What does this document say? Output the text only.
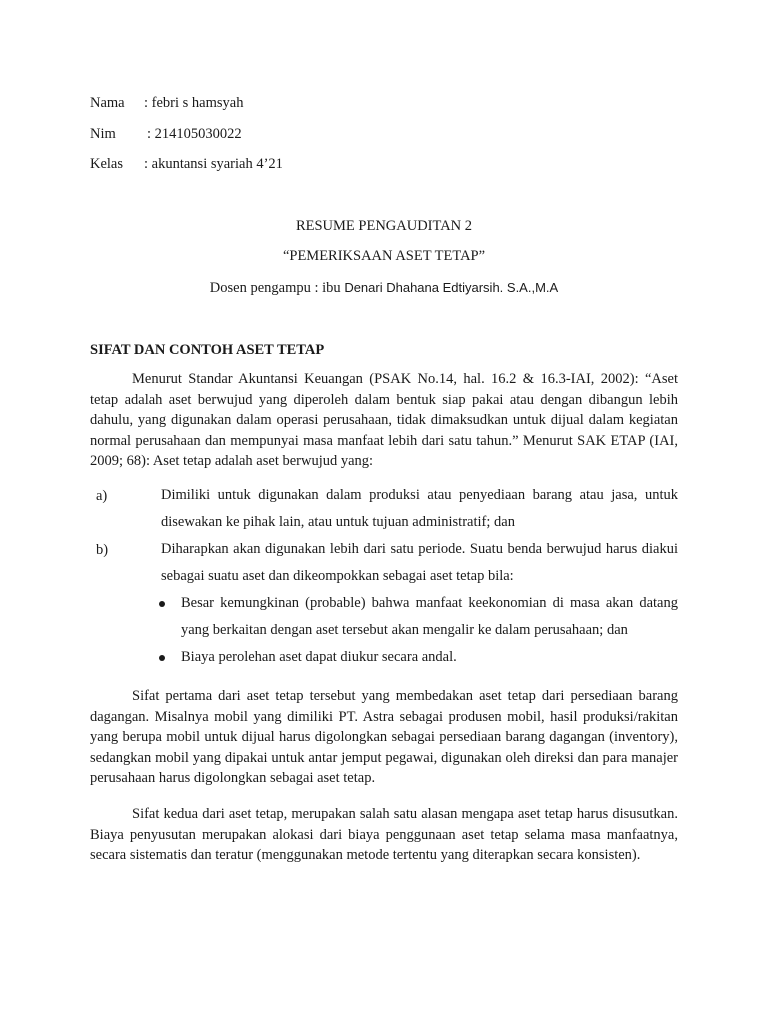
Nama : febri s hamsyah
Nim : 214105030022
Kelas : akuntansi syariah 4’21
RESUME PENGAUDITAN 2
“PEMERIKSAAN ASET TETAP”
Dosen pengampu : ibu Denari Dhahana Edtiyarsih. S.A.,M.A
SIFAT DAN CONTOH ASET TETAP

Menurut Standar Akuntansi Keuangan (PSAK No.14, hal. 16.2 & 16.3-IAI, 2002): “Aset tetap adalah aset berwujud yang diperoleh dalam bentuk siap pakai atau dengan dibangun lebih dahulu, yang digunakan dalam operasi perusahaan, tidak dimaksudkan untuk dijual dalam kegiatan normal perusahaan dan mempunyai masa manfaat lebih dari satu tahun.” Menurut SAK ETAP (IAI, 2009; 68): Aset tetap adalah aset berwujud yang:

a)	Dimiliki untuk digunakan dalam produksi atau penyediaan barang atau jasa, untuk disewakan ke pihak lain, atau untuk tujuan administratif; dan

b)	Diharapkan akan digunakan lebih dari satu periode. Suatu benda berwujud harus diakui sebagai suatu aset dan dikeompokkan sebagai aset tetap bila:

Besar kemungkinan (probable) bahwa manfaat keekonomian di masa akan datang yang berkaitan dengan aset tersebut akan mengalir ke dalam perusahaan; dan

Biaya perolehan aset dapat diukur secara andal.

Sifat pertama dari aset tetap tersebut yang membedakan aset tetap dari persediaan barang dagangan. Misalnya mobil yang dimiliki PT. Astra sebagai produsen mobil, hasil produksi/rakitan yang berupa mobil untuk dijual harus digolongkan sebagai persediaan barang dagangan (inventory), sedangkan mobil yang dipakai untuk antar jemput pegawai, digunakan oleh direksi dan para manajer perusahaan harus digolongkan sebagai aset tetap.

Sifat kedua dari aset tetap, merupakan salah satu alasan mengapa aset tetap harus disusutkan. Biaya penyusutan merupakan alokasi dari biaya penggunaan aset tetap selama masa manfaatnya, secara sistematis dan teratur (menggunakan metode tertentu yang diterapkan secara konsisten).
